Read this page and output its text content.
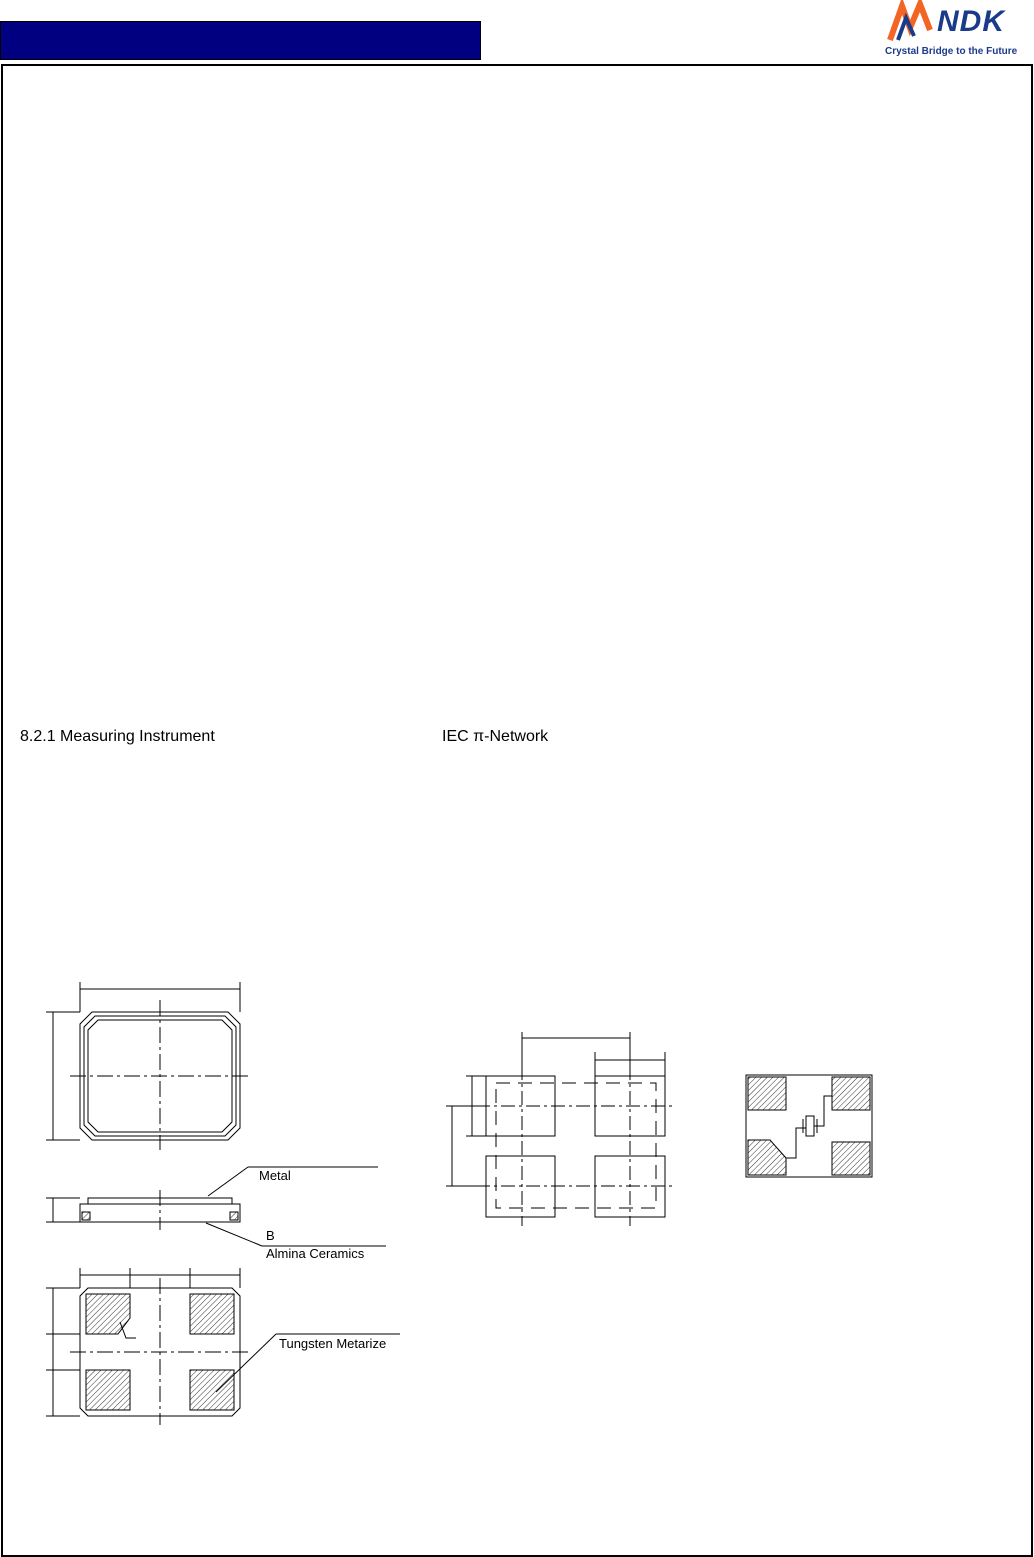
NDK
Crystal Bridge to the Future
8.2.1 Measuring Instrument	IEC π-Network
Metal
B
Almina Ceramics
Tungsten Metarize
